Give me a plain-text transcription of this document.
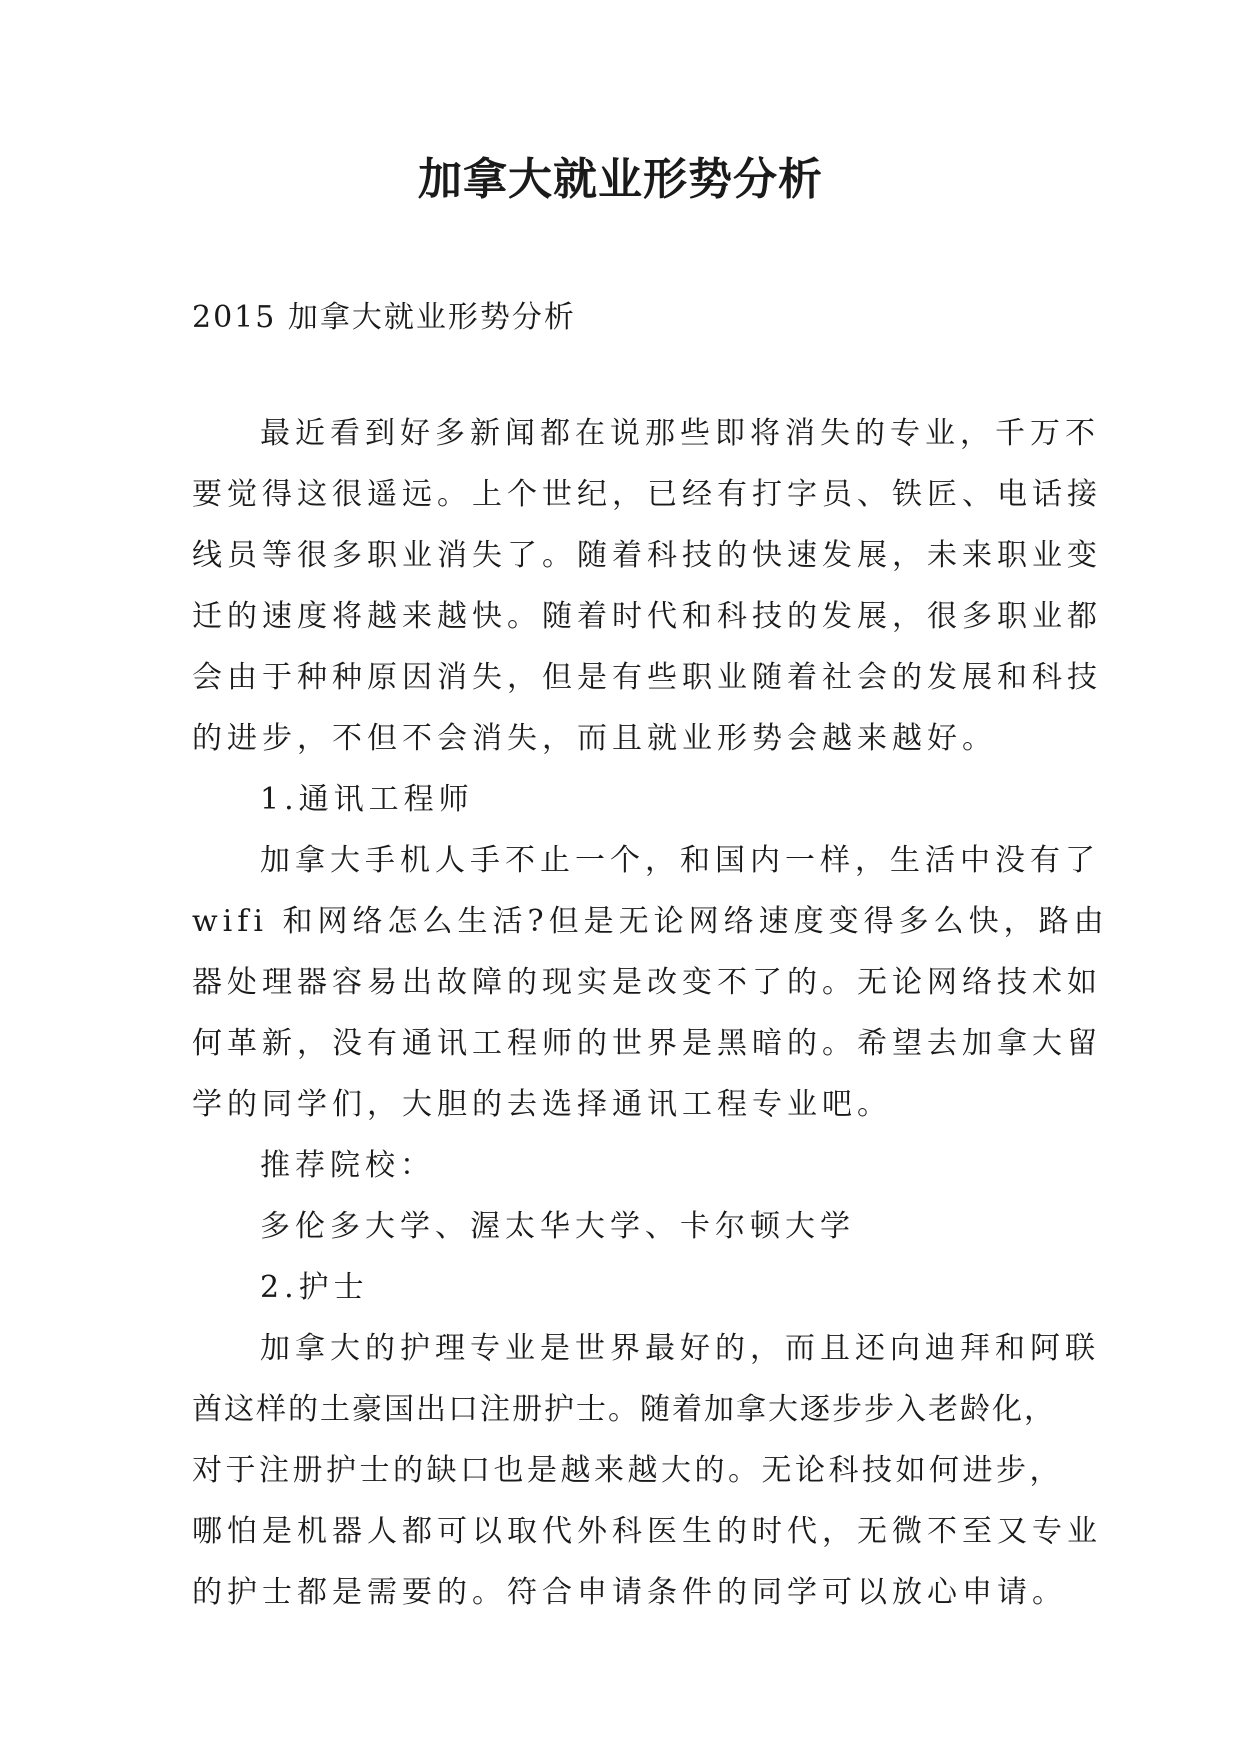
加拿大就业形势分析
2015 加拿大就业形势分析

最近看到好多新闻都在说那些即将消失的专业，千万不
要觉得这很遥远。上个世纪，已经有打字员、铁匠、电话接
线员等很多职业消失了。随着科技的快速发展，未来职业变
迁的速度将越来越快。随着时代和科技的发展，很多职业都
会由于种种原因消失，但是有些职业随着社会的发展和科技
的进步，不但不会消失，而且就业形势会越来越好。

1.通讯工程师

加拿大手机人手不止一个，和国内一样，生活中没有了
wifi 和网络怎么生活?但是无论网络速度变得多么快，路由
器处理器容易出故障的现实是改变不了的。无论网络技术如
何革新，没有通讯工程师的世界是黑暗的。希望去加拿大留
学的同学们，大胆的去选择通讯工程专业吧。

推荐院校：

多伦多大学、渥太华大学、卡尔顿大学

2.护士

加拿大的护理专业是世界最好的，而且还向迪拜和阿联
酋这样的土豪国出口注册护士。随着加拿大逐步步入老龄化，
对于注册护士的缺口也是越来越大的。无论科技如何进步，
哪怕是机器人都可以取代外科医生的时代，无微不至又专业
的护士都是需要的。符合申请条件的同学可以放心申请。
